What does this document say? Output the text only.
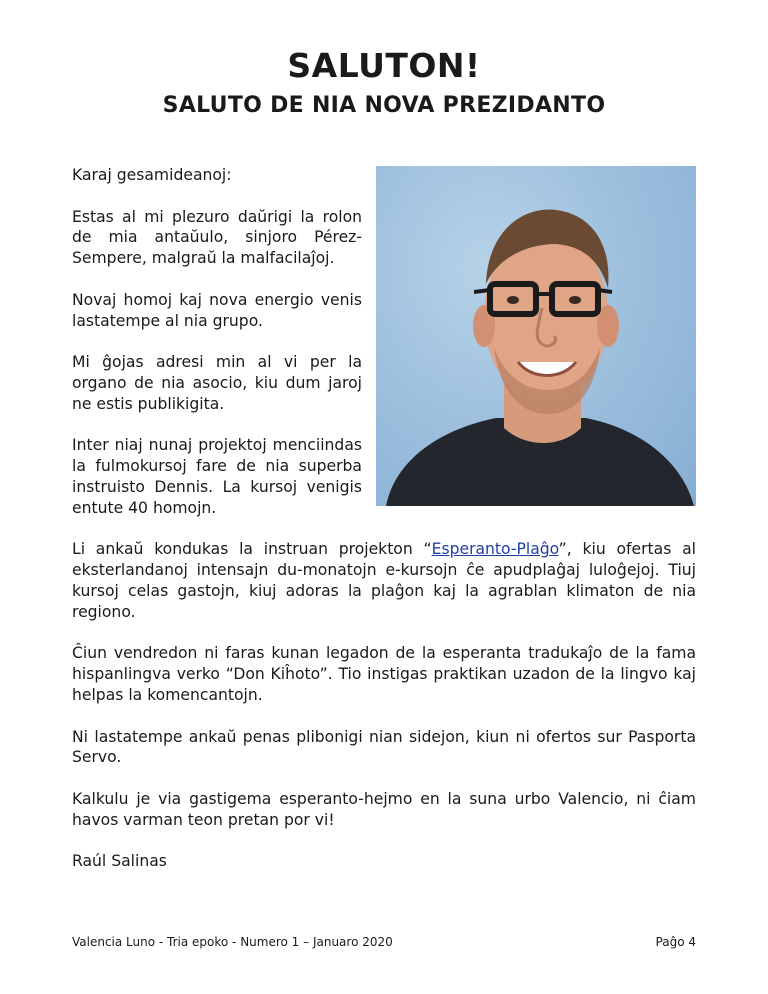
SALUTON!
SALUTO DE NIA NOVA PREZIDANTO

Karaj gesamideanoj:

Estas al mi plezuro daŭrigi la rolon de mia antaŭulo, sinjoro Pérez-Sempere, malgraŭ la malfacilaĵoj.

Novaj homoj kaj nova energio venis lastatempe al nia grupo.

Mi ĝojas adresi min al vi per la organo de nia asocio, kiu dum jaroj ne estis publikigita.

Inter niaj nunaj projektoj menciindas la fulmokursoj fare de nia superba instruisto Dennis. La kursoj venigis entute 40 homojn.

Li ankaŭ kondukas la instruan projekton “Esperanto-Plaĝo”, kiu ofertas al eksterlandanoj intensajn du-monatojn e-kursojn ĉe apudplaĝaj luloĝejoj. Tiuj kursoj celas gastojn, kiuj adoras la plaĝon kaj la agrablan klimaton de nia regiono.

Ĉiun vendredon ni faras kunan legadon de la esperanta tradukaĵo de la fama hispanlingva verko “Don Kiĥoto”. Tio instigas praktikan uzadon de la lingvo kaj helpas la komencantojn.

Ni lastatempe ankaŭ penas plibonigi nian sidejon, kiun ni ofertos sur Pasporta Servo.

Kalkulu je via gastigema esperanto-hejmo en la suna urbo Valencio, ni ĉiam havos varman teon pretan por vi!

Raúl Salinas

Valencia Luno - Tria epoko - Numero 1 – Januaro 2020	Paĝo 4
